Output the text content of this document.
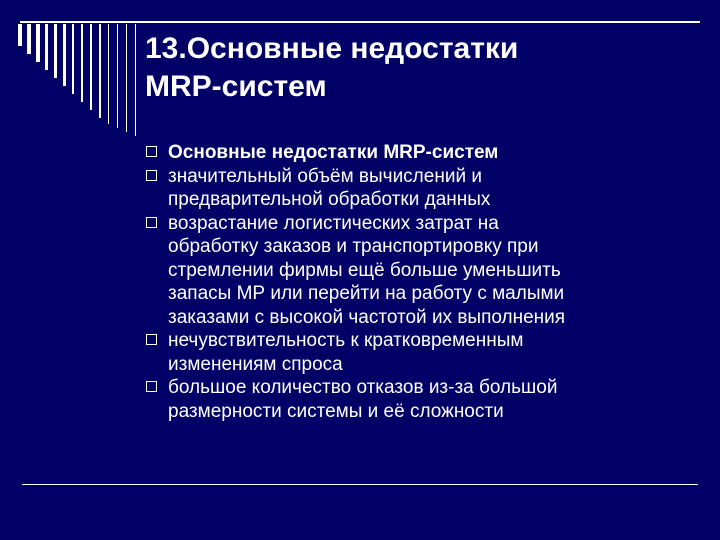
13.Основные недостатки
MRP-систем
Основные недостатки MRP-систем
значительный объём вычислений и
предварительной обработки данных
возрастание логистических затрат на
обработку заказов и транспортировку при
стремлении фирмы ещё больше уменьшить
запасы МР или перейти на работу с малыми
заказами с высокой частотой их выполнения
нечувствительность к кратковременным
изменениям спроса
большое количество отказов из-за большой
размерности системы и её сложности
